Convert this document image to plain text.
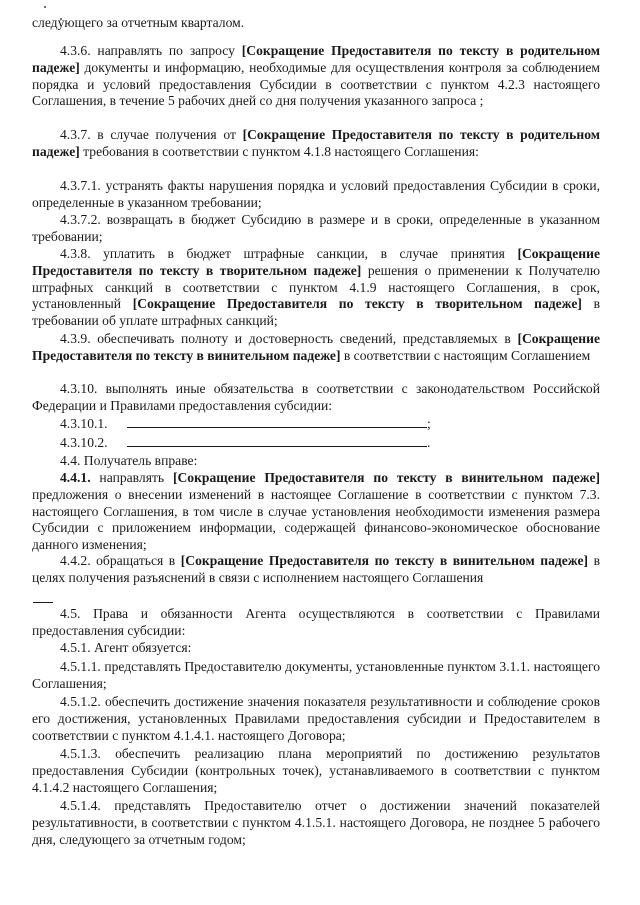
следующего за отчетным кварталом.
4.3.6. направлять по запросу [Сокращение Предоставителя по тексту в родительном падеже] документы и информацию, необходимые для осуществления контроля за соблюдением порядка и условий предоставления Субсидии в соответствии с пунктом 4.2.3 настоящего Соглашения, в течение 5 рабочих дней со дня получения указанного запроса ;
4.3.7. в случае получения от [Сокращение Предоставителя по тексту в родительном падеже] требования в соответствии с пунктом 4.1.8 настоящего Соглашения:
4.3.7.1. устранять факты нарушения порядка и условий предоставления Субсидии в сроки, определенные в указанном требовании;
4.3.7.2. возвращать в бюджет Субсидию в размере и в сроки, определенные в указанном требовании;
4.3.8. уплатить в бюджет штрафные санкции, в случае принятия [Сокращение Предоставителя по тексту в творительном падеже] решения о применении к Получателю штрафных санкций в соответствии с пунктом 4.1.9 настоящего Соглашения, в срок, установленный [Сокращение Предоставителя по тексту в творительном падеже] в требовании об уплате штрафных санкций;
4.3.9. обеспечивать полноту и достоверность сведений, представляемых в [Сокращение Предоставителя по тексту в винительном падеже] в соответствии с настоящим Соглашением
4.3.10. выполнять иные обязательства в соответствии с законодательством Российской Федерации и Правилами предоставления субсидии:
4.3.10.1.	;
4.3.10.2.	.
4.4. Получатель вправе:
4.4.1. направлять [Сокращение Предоставителя по тексту в винительном падеже] предложения о внесении изменений в настоящее Соглашение в соответствии с пунктом 7.3. настоящего Соглашения, в том числе в случае установления необходимости изменения размера Субсидии с приложением информации, содержащей финансово-экономическое обоснование данного изменения;
4.4.2. обращаться в [Сокращение Предоставителя по тексту в винительном падеже] в целях получения разъяснений в связи с исполнением настоящего Соглашения
4.5. Права и обязанности Агента осуществляются в соответствии с Правилами предоставления субсидии:
4.5.1. Агент обязуется:
4.5.1.1. представлять Предоставителю документы, установленные пунктом 3.1.1. настоящего Соглашения;
4.5.1.2. обеспечить достижение значения показателя результативности и соблюдение сроков его достижения, установленных Правилами предоставления субсидии и Предоставителем в соответствии с пунктом 4.1.4.1. настоящего Договора;
4.5.1.3. обеспечить реализацию плана мероприятий по достижению результатов предоставления Субсидии (контрольных точек), устанавливаемого в соответствии с пунктом 4.1.4.2 настоящего Соглашения;
4.5.1.4. представлять Предоставителю отчет о достижении значений показателей результативности, в соответствии с пунктом 4.1.5.1. настоящего Договора, не позднее 5 рабочего дня, следующего за отчетным годом;
